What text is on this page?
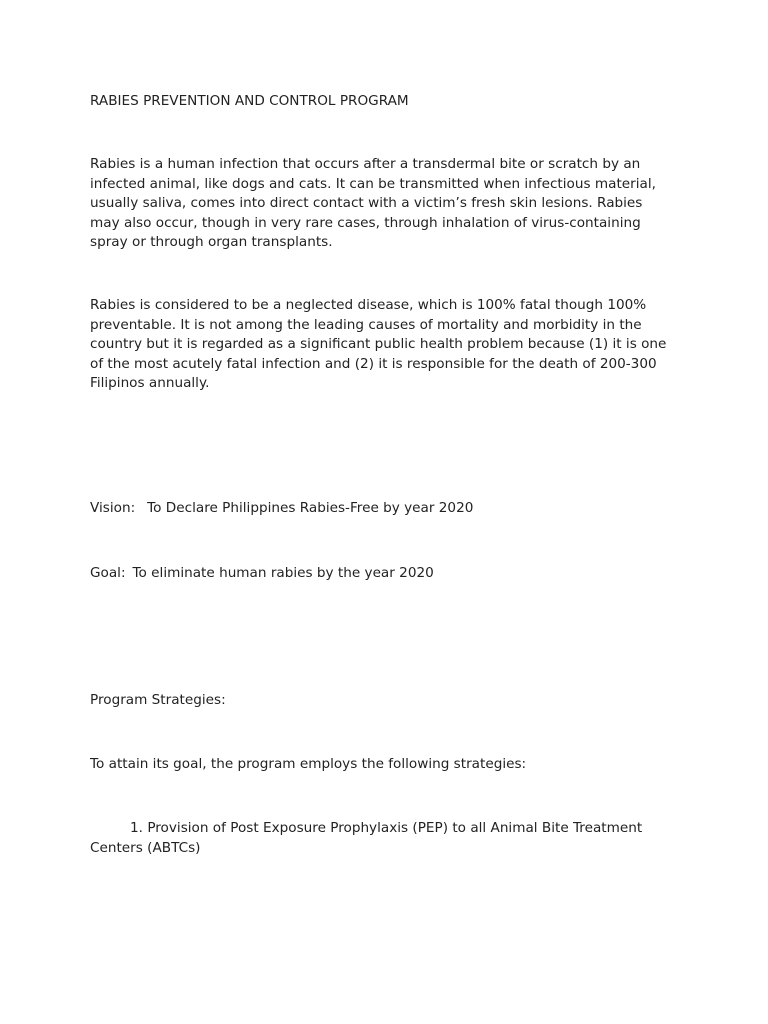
RABIES PREVENTION AND CONTROL PROGRAM

Rabies is a human infection that occurs after a transdermal bite or scratch by an infected animal, like dogs and cats. It can be transmitted when infectious material, usually saliva, comes into direct contact with a victim’s fresh skin lesions. Rabies may also occur, though in very rare cases, through inhalation of virus-containing spray or through organ transplants.

Rabies is considered to be a neglected disease, which is 100% fatal though 100% preventable. It is not among the leading causes of mortality and morbidity in the country but it is regarded as a significant public health problem because (1) it is one of the most acutely fatal infection and (2) it is responsible for the death of 200-300 Filipinos annually.

Vision: To Declare Philippines Rabies-Free by year 2020

Goal: To eliminate human rabies by the year 2020

Program Strategies:

To attain its goal, the program employs the following strategies:

1. Provision of Post Exposure Prophylaxis (PEP) to all Animal Bite Treatment Centers (ABTCs)
